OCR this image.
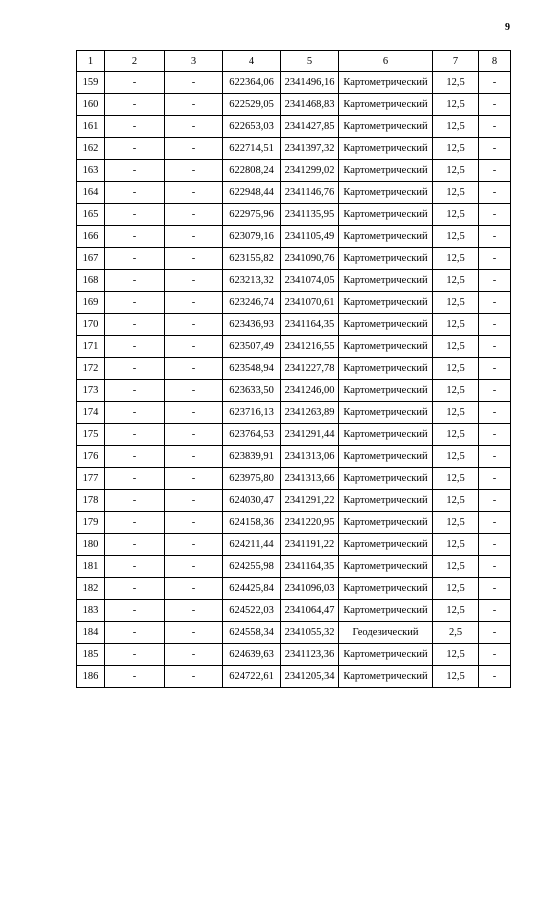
9
1	2	3	4	5	6	7	8
159	-	-	622364,06	2341496,16	Картометрический	12,5	-
160	-	-	622529,05	2341468,83	Картометрический	12,5	-
161	-	-	622653,03	2341427,85	Картометрический	12,5	-
162	-	-	622714,51	2341397,32	Картометрический	12,5	-
163	-	-	622808,24	2341299,02	Картометрический	12,5	-
164	-	-	622948,44	2341146,76	Картометрический	12,5	-
165	-	-	622975,96	2341135,95	Картометрический	12,5	-
166	-	-	623079,16	2341105,49	Картометрический	12,5	-
167	-	-	623155,82	2341090,76	Картометрический	12,5	-
168	-	-	623213,32	2341074,05	Картометрический	12,5	-
169	-	-	623246,74	2341070,61	Картометрический	12,5	-
170	-	-	623436,93	2341164,35	Картометрический	12,5	-
171	-	-	623507,49	2341216,55	Картометрический	12,5	-
172	-	-	623548,94	2341227,78	Картометрический	12,5	-
173	-	-	623633,50	2341246,00	Картометрический	12,5	-
174	-	-	623716,13	2341263,89	Картометрический	12,5	-
175	-	-	623764,53	2341291,44	Картометрический	12,5	-
176	-	-	623839,91	2341313,06	Картометрический	12,5	-
177	-	-	623975,80	2341313,66	Картометрический	12,5	-
178	-	-	624030,47	2341291,22	Картометрический	12,5	-
179	-	-	624158,36	2341220,95	Картометрический	12,5	-
180	-	-	624211,44	2341191,22	Картометрический	12,5	-
181	-	-	624255,98	2341164,35	Картометрический	12,5	-
182	-	-	624425,84	2341096,03	Картометрический	12,5	-
183	-	-	624522,03	2341064,47	Картометрический	12,5	-
184	-	-	624558,34	2341055,32	Геодезический	2,5	-
185	-	-	624639,63	2341123,36	Картометрический	12,5	-
186	-	-	624722,61	2341205,34	Картометрический	12,5	-
